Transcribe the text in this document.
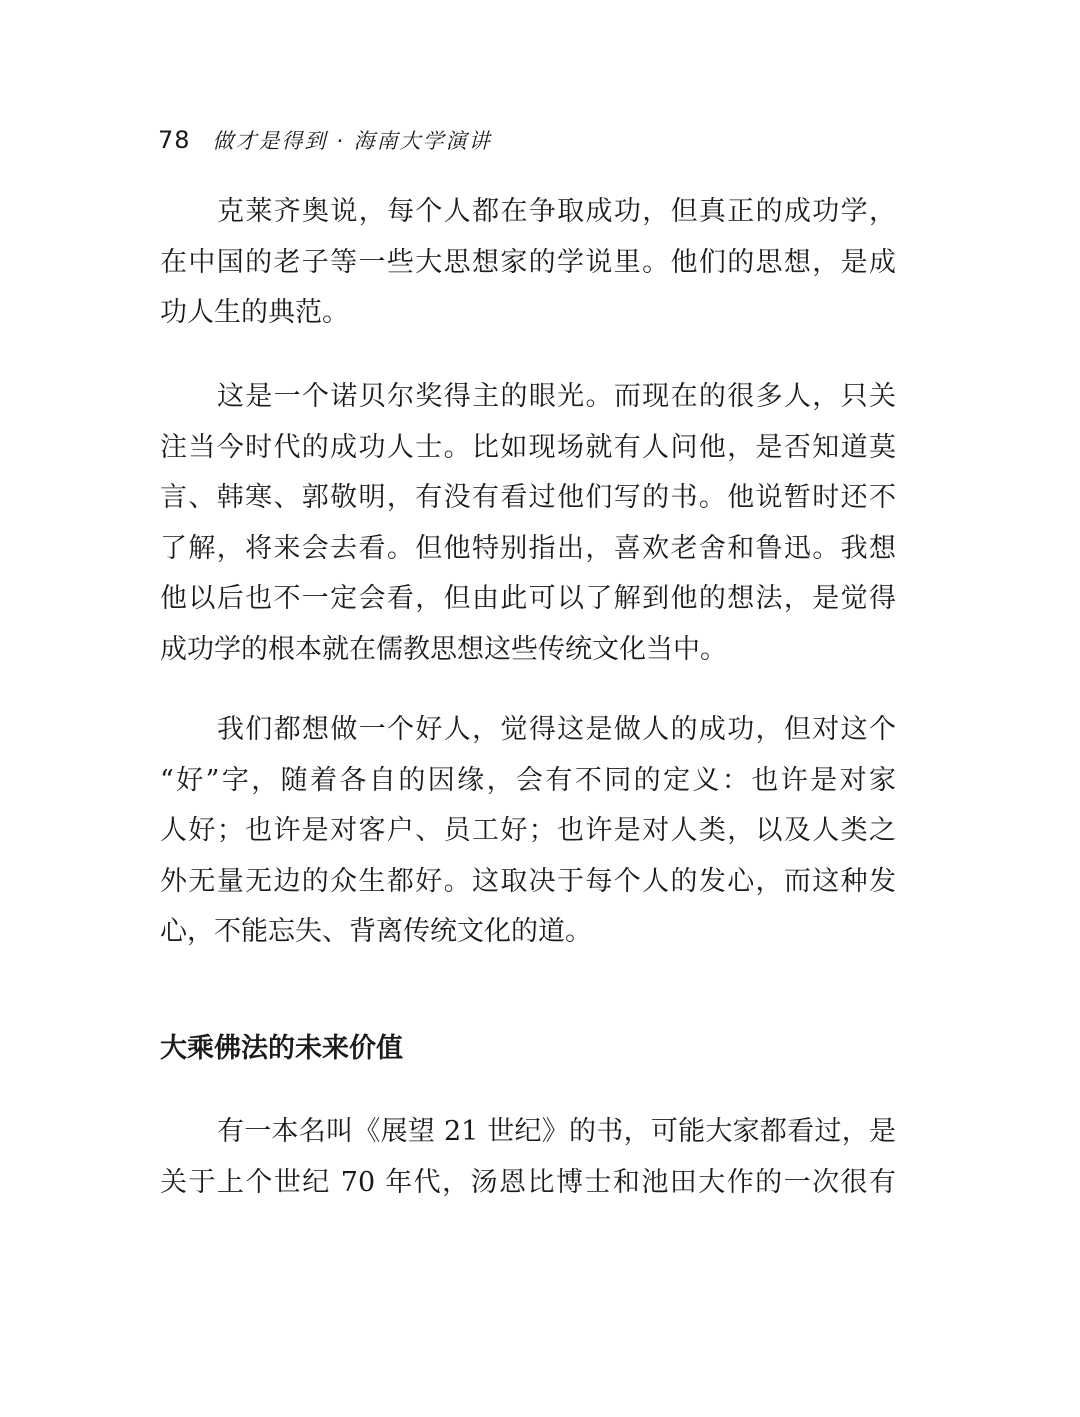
78 做才是得到 · 海南大学演讲
克莱齐奥说，每个人都在争取成功，但真正的成功学，
在中国的老子等一些大思想家的学说里。他们的思想，是成
功人生的典范。
这是一个诺贝尔奖得主的眼光。而现在的很多人，只关
注当今时代的成功人士。比如现场就有人问他，是否知道莫
言、韩寒、郭敬明，有没有看过他们写的书。他说暂时还不
了解，将来会去看。但他特别指出，喜欢老舍和鲁迅。我想
他以后也不一定会看，但由此可以了解到他的想法，是觉得
成功学的根本就在儒教思想这些传统文化当中。
我们都想做一个好人，觉得这是做人的成功，但对这个
“好”字，随着各自的因缘，会有不同的定义：也许是对家
人好；也许是对客户、员工好；也许是对人类，以及人类之
外无量无边的众生都好。这取决于每个人的发心，而这种发
心，不能忘失、背离传统文化的道。
大乘佛法的未来价值
有一本名叫《展望 21 世纪》的书，可能大家都看过，是
关于上个世纪 70 年代，汤恩比博士和池田大作的一次很有
